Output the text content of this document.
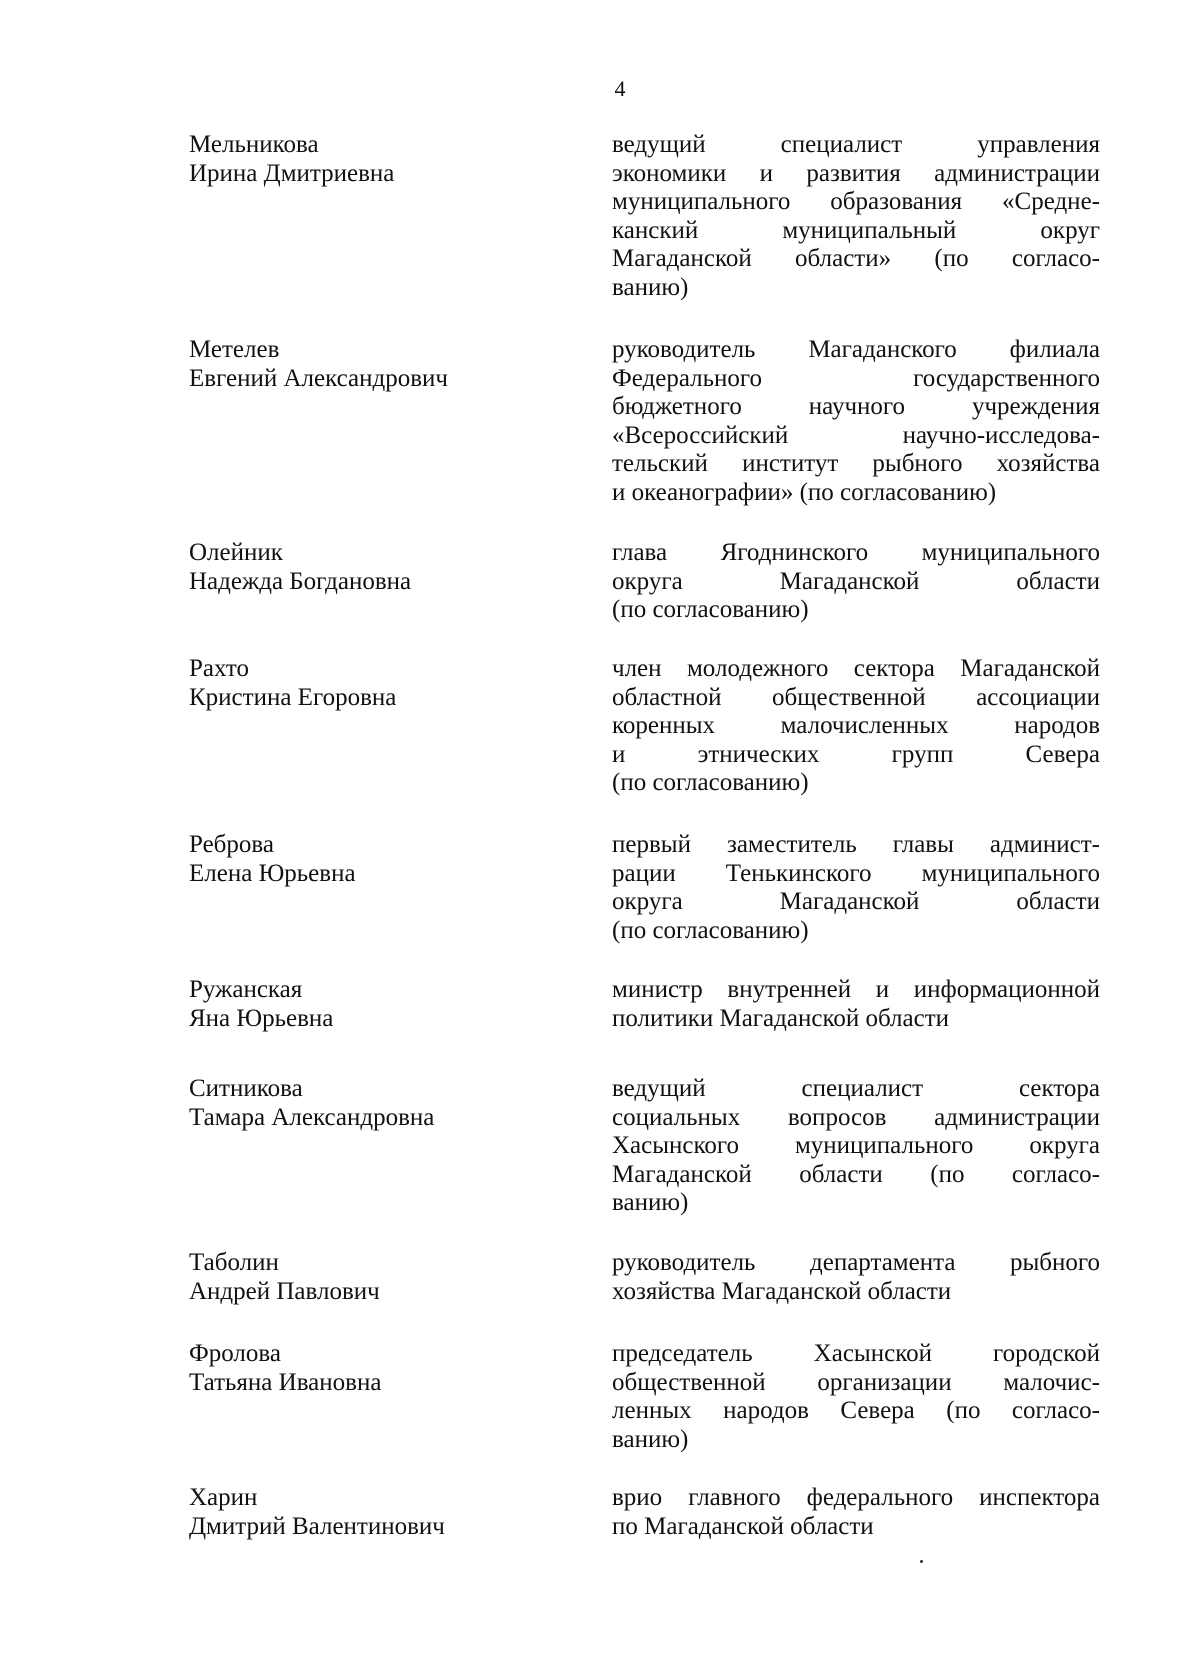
4
Мельникова
Ирина Дмитриевна
ведущий специалист управления
экономики и развития администрации
муниципального образования «Средне-
канский муниципальный округ
Магаданской области» (по согласо-
ванию)
Метелев
Евгений Александрович
руководитель Магаданского филиала
Федерального государственного
бюджетного научного учреждения
«Всероссийский научно-исследова-
тельский институт рыбного хозяйства
и океанографии» (по согласованию)
Олейник
Надежда Богдановна
глава Ягоднинского муниципального
округа Магаданской области
(по согласованию)
Рахто
Кристина Егоровна
член молодежного сектора Магаданской
областной общественной ассоциации
коренных малочисленных народов
и этнических групп Севера
(по согласованию)
Реброва
Елена Юрьевна
первый заместитель главы админист-
рации Тенькинского муниципального
округа Магаданской области
(по согласованию)
Ружанская
Яна Юрьевна
министр внутренней и информационной
политики Магаданской области
Ситникова
Тамара Александровна
ведущий специалист сектора
социальных вопросов администрации
Хасынского муниципального округа
Магаданской области (по согласо-
ванию)
Таболин
Андрей Павлович
руководитель департамента рыбного
хозяйства Магаданской области
Фролова
Татьяна Ивановна
председатель Хасынской городской
общественной организации малочис-
ленных народов Севера (по согласо-
ванию)
Харин
Дмитрий Валентинович
врио главного федерального инспектора
по Магаданской области
